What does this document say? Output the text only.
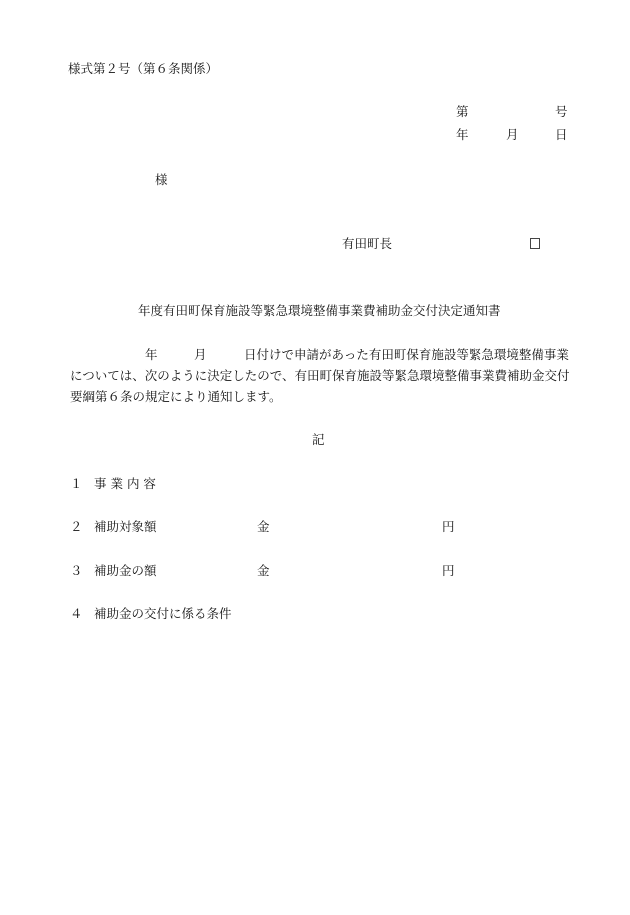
様式第２号（第６条関係）
第	号
年	月	日
様
有田町長
年度有田町保育施設等緊急環境整備事業費補助金交付決定通知書
年	月	日付けで申請があった有田町保育施設等緊急環境整備事業
については、次のように決定したので、有田町保育施設等緊急環境整備事業費補助金交付
要綱第６条の規定により通知します。
記
１ 事 業 内 容
２ 補助対象額	金	円
３ 補助金の額	金	円
４ 補助金の交付に係る条件
